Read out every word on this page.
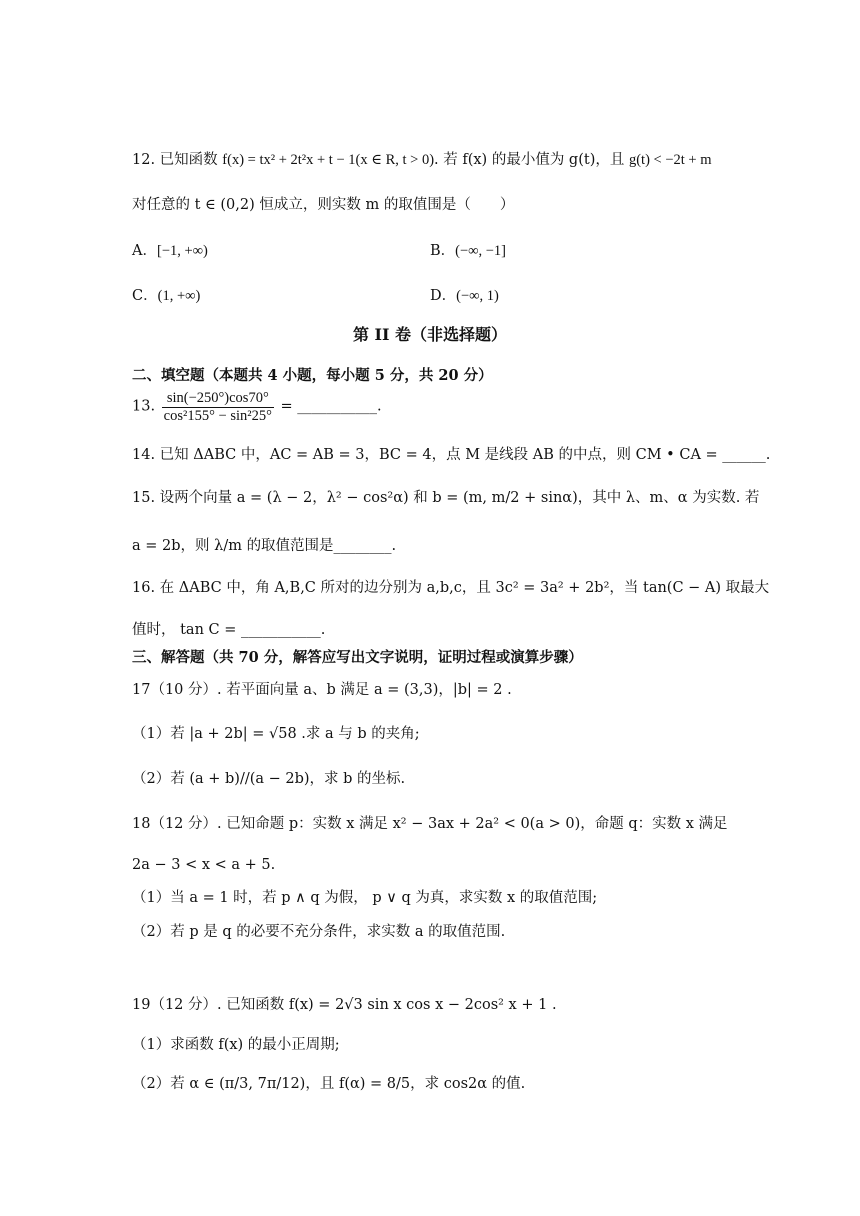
12. 已知函数 f(x) = tx² + 2t²x + t − 1(x ∈ R, t > 0). 若 f(x) 的最小值为 g(t)，且 g(t) < −2t + m
对任意的 t ∈ (0,2) 恒成立，则实数 m 的取值围是（　　）
A．[−1, +∞)	B．(−∞, −1]
C．(1, +∞)	D．(−∞, 1)
第 II 卷（非选择题）
二、填空题（本题共 4 小题，每小题 5 分，共 20 分）
13. $\frac{\sin(-250^\circ)\cos 70^\circ}{\text{cos²155° − sin²25°}}$ = ___________.
14. 已知 ΔABC 中，AC = AB = 3，BC = 4，点 M 是线段 AB 的中点，则 CM • CA = ______.
15. 设两个向量 a = (λ − 2，λ² − cos²α) 和 b = (m, m/2 + sinα)，其中 λ、m、α 为实数. 若
a = 2b，则 λ/m 的取值范围是________.
16. 在 ΔABC 中，角 A,B,C 所对的边分别为 a,b,c，且 3c² = 3a² + 2b²，当 tan(C − A) 取最大
值时， tan C = ___________.
三、解答题（共 70 分，解答应写出文字说明，证明过程或演算步骤）
17（10 分）. 若平面向量 a、b 满足 a = (3,3)，|b| = 2 .
（1）若 |a + 2b| = √58 .求 a 与 b 的夹角;
（2）若 (a + b)//(a − 2b)，求 b 的坐标.
18（12 分）. 已知命题 p：实数 x 满足 x² − 3ax + 2a² < 0(a > 0)，命题 q：实数 x 满足
2a − 3 < x < a + 5.
（1）当 a = 1 时，若 p ∧ q 为假， p ∨ q 为真，求实数 x 的取值范围;
（2）若 p 是 q 的必要不充分条件，求实数 a 的取值范围.
19（12 分）. 已知函数 f(x) = 2√3 sin x cos x − 2cos² x + 1 .
（1）求函数 f(x) 的最小正周期;
（2）若 α ∈ (π/3, 7π/12)，且 f(α) = 8/5，求 cos2α 的值.
